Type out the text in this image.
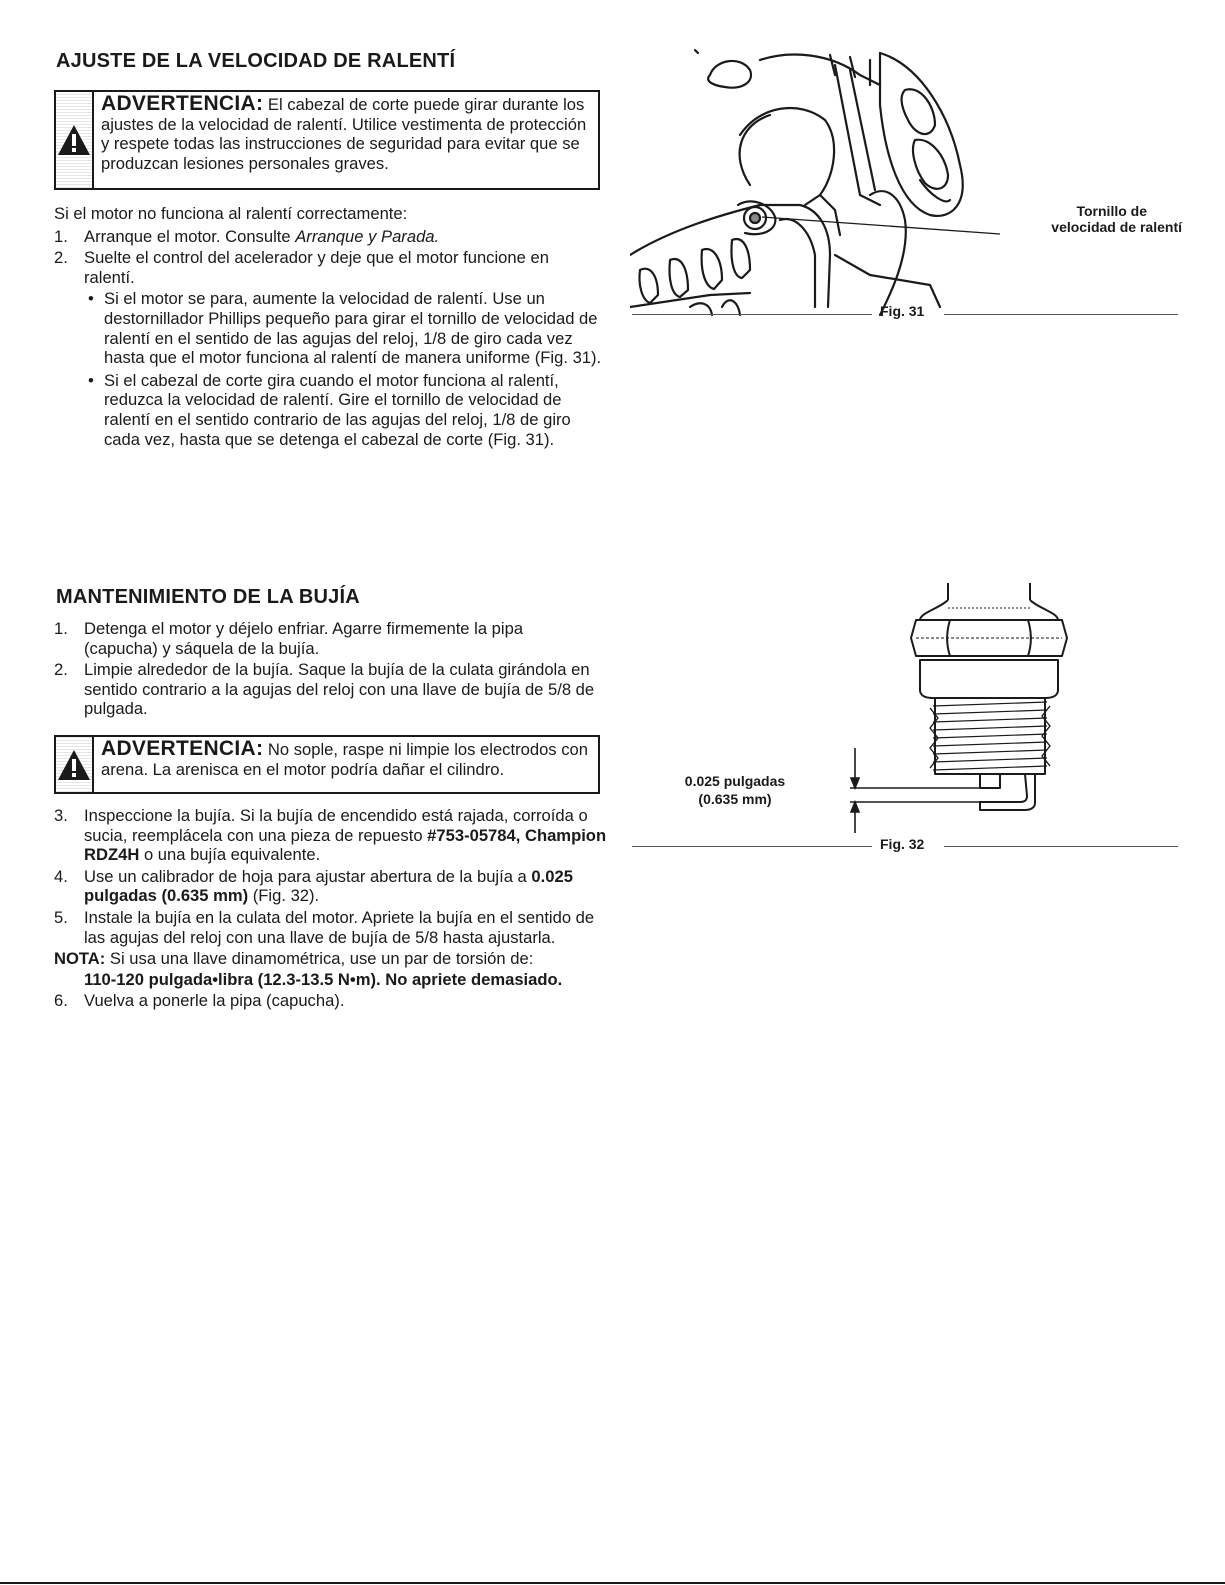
AJUSTE DE LA VELOCIDAD DE RALENTÍ
ADVERTENCIA: El cabezal de corte puede girar durante los ajustes de la velocidad de ralentí. Utilice vestimenta de protección y respete todas las instrucciones de seguridad para evitar que se produzcan lesiones personales graves.
Si el motor no funciona al ralentí correctamente:
1. Arranque el motor. Consulte Arranque y Parada.
2. Suelte el control del acelerador y deje que el motor funcione en ralentí.
• Si el motor se para, aumente la velocidad de ralentí. Use un destornillador Phillips pequeño para girar el tornillo de velocidad de ralentí en el sentido de las agujas del reloj, 1/8 de giro cada vez hasta que el motor funciona al ralentí de manera uniforme (Fig. 31).
• Si el cabezal de corte gira cuando el motor funciona al ralentí, reduzca la velocidad de ralentí. Gire el tornillo de velocidad de ralentí en el sentido contrario de las agujas del reloj, 1/8 de giro cada vez, hasta que se detenga el cabezal de corte (Fig. 31).
Tornillo de
velocidad de ralentí
Fig. 31
MANTENIMIENTO DE LA BUJÍA
1. Detenga el motor y déjelo enfriar. Agarre firmemente la pipa (capucha) y sáquela de la bujía.
2. Limpie alrededor de la bujía. Saque la bujía de la culata girándola en sentido contrario a la agujas del reloj con una llave de bujía de 5/8 de pulgada.
ADVERTENCIA: No sople, raspe ni limpie los electrodos con arena. La arenisca en el motor podría dañar el cilindro.
3. Inspeccione la bujía. Si la bujía de encendido está rajada, corroída o sucia, reemplácela con una pieza de repuesto #753-05784, Champion RDZ4H o una bujía equivalente.
4. Use un calibrador de hoja para ajustar abertura de la bujía a 0.025 pulgadas (0.635 mm) (Fig. 32).
5. Instale la bujía en la culata del motor. Apriete la bujía en el sentido de las agujas del reloj con una llave de bujía de 5/8 hasta ajustarla.
NOTA: Si usa una llave dinamométrica, use un par de torsión de:
110-120 pulgada•libra (12.3-13.5 N•m). No apriete demasiado.
6. Vuelva a ponerle la pipa (capucha).
0.025 pulgadas
(0.635 mm)
Fig. 32
